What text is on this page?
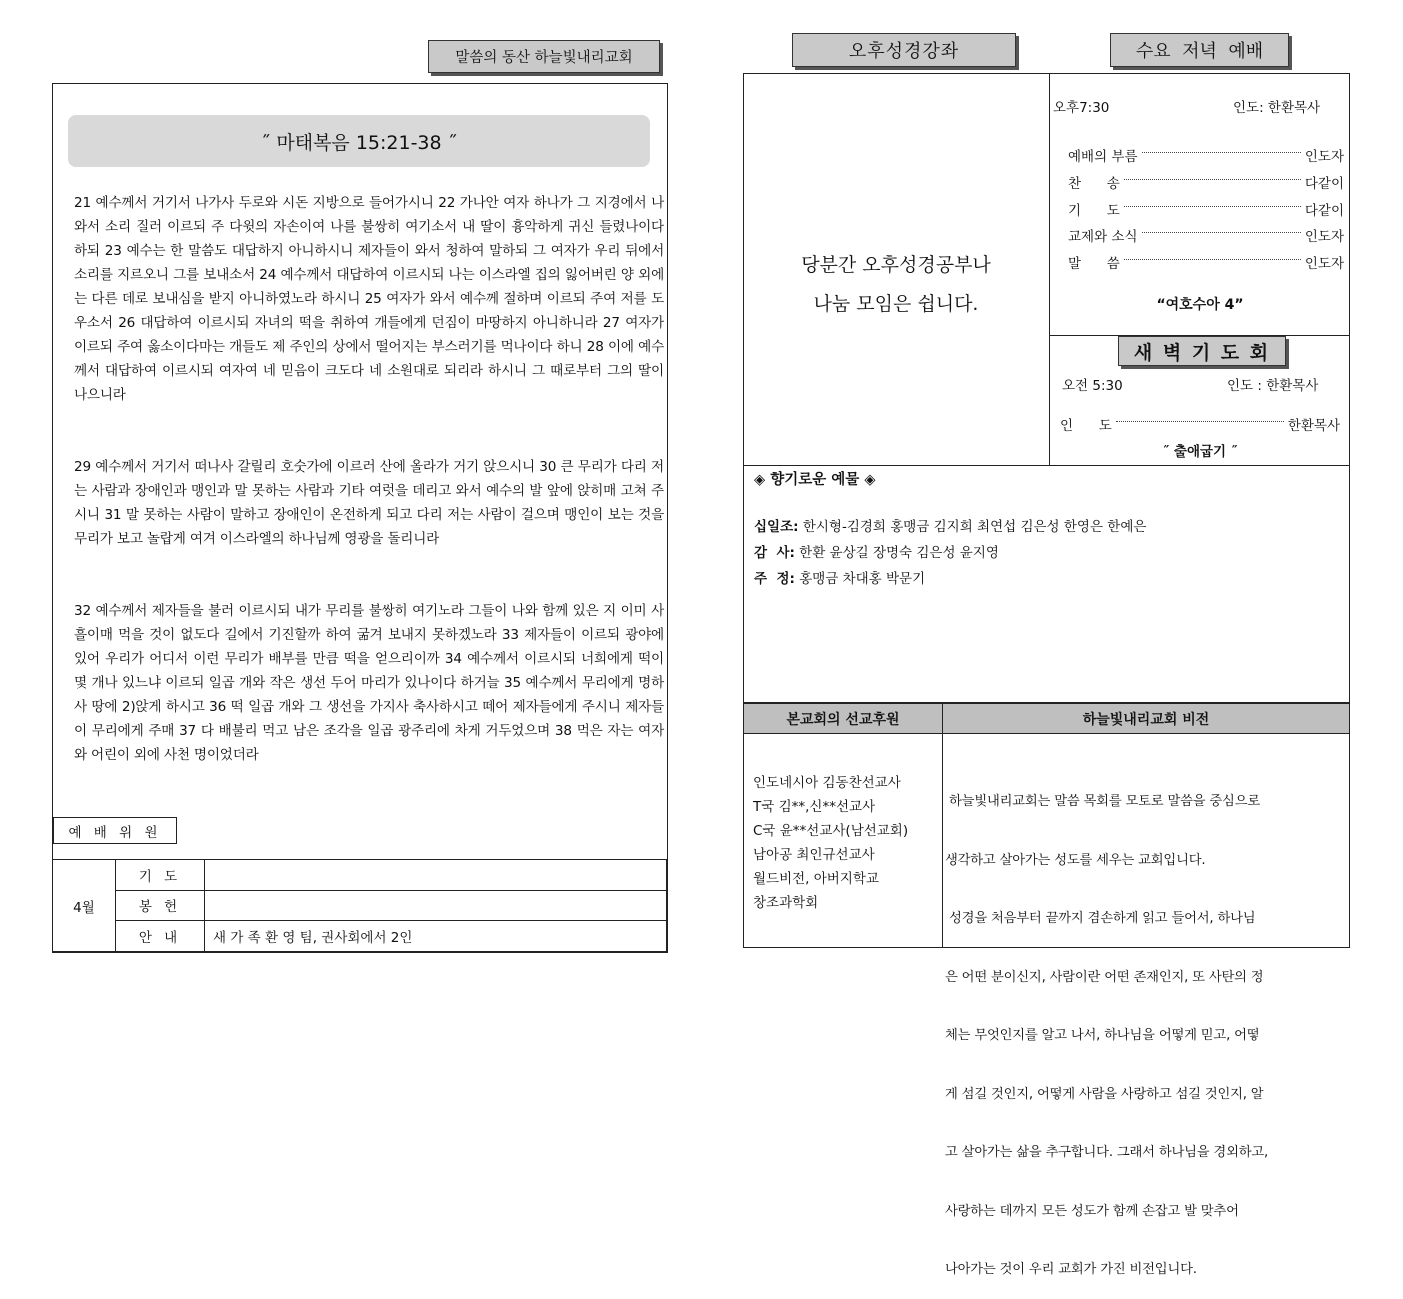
말씀의 동산 하늘빛내리교회
˝ 마태복음 15:21-38 ˝
21 예수께서 거기서 나가사 두로와 시돈 지방으로 들어가시니 22 가나안 여자 하나가 그 지경에서 나와서 소리 질러 이르되 주 다윗의 자손이여 나를 불쌍히 여기소서 내 딸이 흉악하게 귀신 들렸나이다 하되 23 예수는 한 말씀도 대답하지 아니하시니 제자들이 와서 청하여 말하되 그 여자가 우리 뒤에서 소리를 지르오니 그를 보내소서 24 예수께서 대답하여 이르시되 나는 이스라엘 집의 잃어버린 양 외에는 다른 데로 보내심을 받지 아니하였노라 하시니 25 여자가 와서 예수께 절하며 이르되 주여 저를 도우소서 26 대답하여 이르시되 자녀의 떡을 취하여 개들에게 던짐이 마땅하지 아니하니라 27 여자가 이르되 주여 옳소이다마는 개들도 제 주인의 상에서 떨어지는 부스러기를 먹나이다 하니 28 이에 예수께서 대답하여 이르시되 여자여 네 믿음이 크도다 네 소원대로 되리라 하시니 그 때로부터 그의 딸이 나으니라
29 예수께서 거기서 떠나사 갈릴리 호숫가에 이르러 산에 올라가 거기 앉으시니 30 큰 무리가 다리 저는 사람과 장애인과 맹인과 말 못하는 사람과 기타 여럿을 데리고 와서 예수의 발 앞에 앉히매 고쳐 주시니 31 말 못하는 사람이 말하고 장애인이 온전하게 되고 다리 저는 사람이 걸으며 맹인이 보는 것을 무리가 보고 놀랍게 여겨 이스라엘의 하나님께 영광을 돌리니라
32 예수께서 제자들을 불러 이르시되 내가 무리를 불쌍히 여기노라 그들이 나와 함께 있은 지 이미 사흘이매 먹을 것이 없도다 길에서 기진할까 하여 굶겨 보내지 못하겠노라 33 제자들이 이르되 광야에 있어 우리가 어디서 이런 무리가 배부를 만큼 떡을 얻으리이까 34 예수께서 이르시되 너희에게 떡이 몇 개나 있느냐 이르되 일곱 개와 작은 생선 두어 마리가 있나이다 하거늘 35 예수께서 무리에게 명하사 땅에 2)앉게 하시고 36 떡 일곱 개와 그 생선을 가지사 축사하시고 떼어 제자들에게 주시니 제자들이 무리에게 주매 37 다 배불리 먹고 남은 조각을 일곱 광주리에 차게 거두었으며 38 먹은 자는 여자와 어린이 외에 사천 명이었더라
예 배 위 원
4월	기 도	
	봉 헌	
	안 내	새 가 족 환 영 팀, 권사회에서 2인
오후성경강좌	수요  저녁  예배
당분간 오후성경공부나
나눔 모임은 쉽니다.
오후7:30	인도: 한환목사
예배의 부름	인도자
찬      송	다같이
기      도	다같이
교제와 소식	인도자
말      씀	인도자
“여호수아 4”
새 벽 기 도 회
오전 5:30	인도 : 한환목사
인      도	한환목사
˝ 출애굽기 ˝
◈ 향기로운 예물 ◈
십일조: 한시형-김경희 홍맹금 김지희 최연섭 김은성 한영은 한예은
감  사: 한환 윤상길 장명숙 김은성 윤지영
주  정: 홍맹금 차대홍 박문기
본교회의 선교후원	하늘빛내리교회 비전
인도네시아 김동찬선교사
T국 김**,신**선교사
C국 윤**선교사(남선교회)
남아공 최인규선교사
월드비전, 아버지학교
창조과학회

하늘빛내리교회는 말씀 목회를 모토로 말씀을 중심으로

생각하고 살아가는 성도를 세우는 교회입니다.

성경을 처음부터 끝까지 겸손하게 읽고 들어서, 하나님

은 어떤 분이신지, 사람이란 어떤 존재인지, 또 사탄의 정

체는 무엇인지를 알고 나서, 하나님을 어떻게 믿고, 어떻

게 섬길 것인지, 어떻게 사람을 사랑하고 섬길 것인지, 알

고 살아가는 삶을 추구합니다. 그래서 하나님을 경외하고,

사랑하는 데까지 모든 성도가 함께 손잡고 발 맞추어

나아가는 것이 우리 교회가 가진 비전입니다.
